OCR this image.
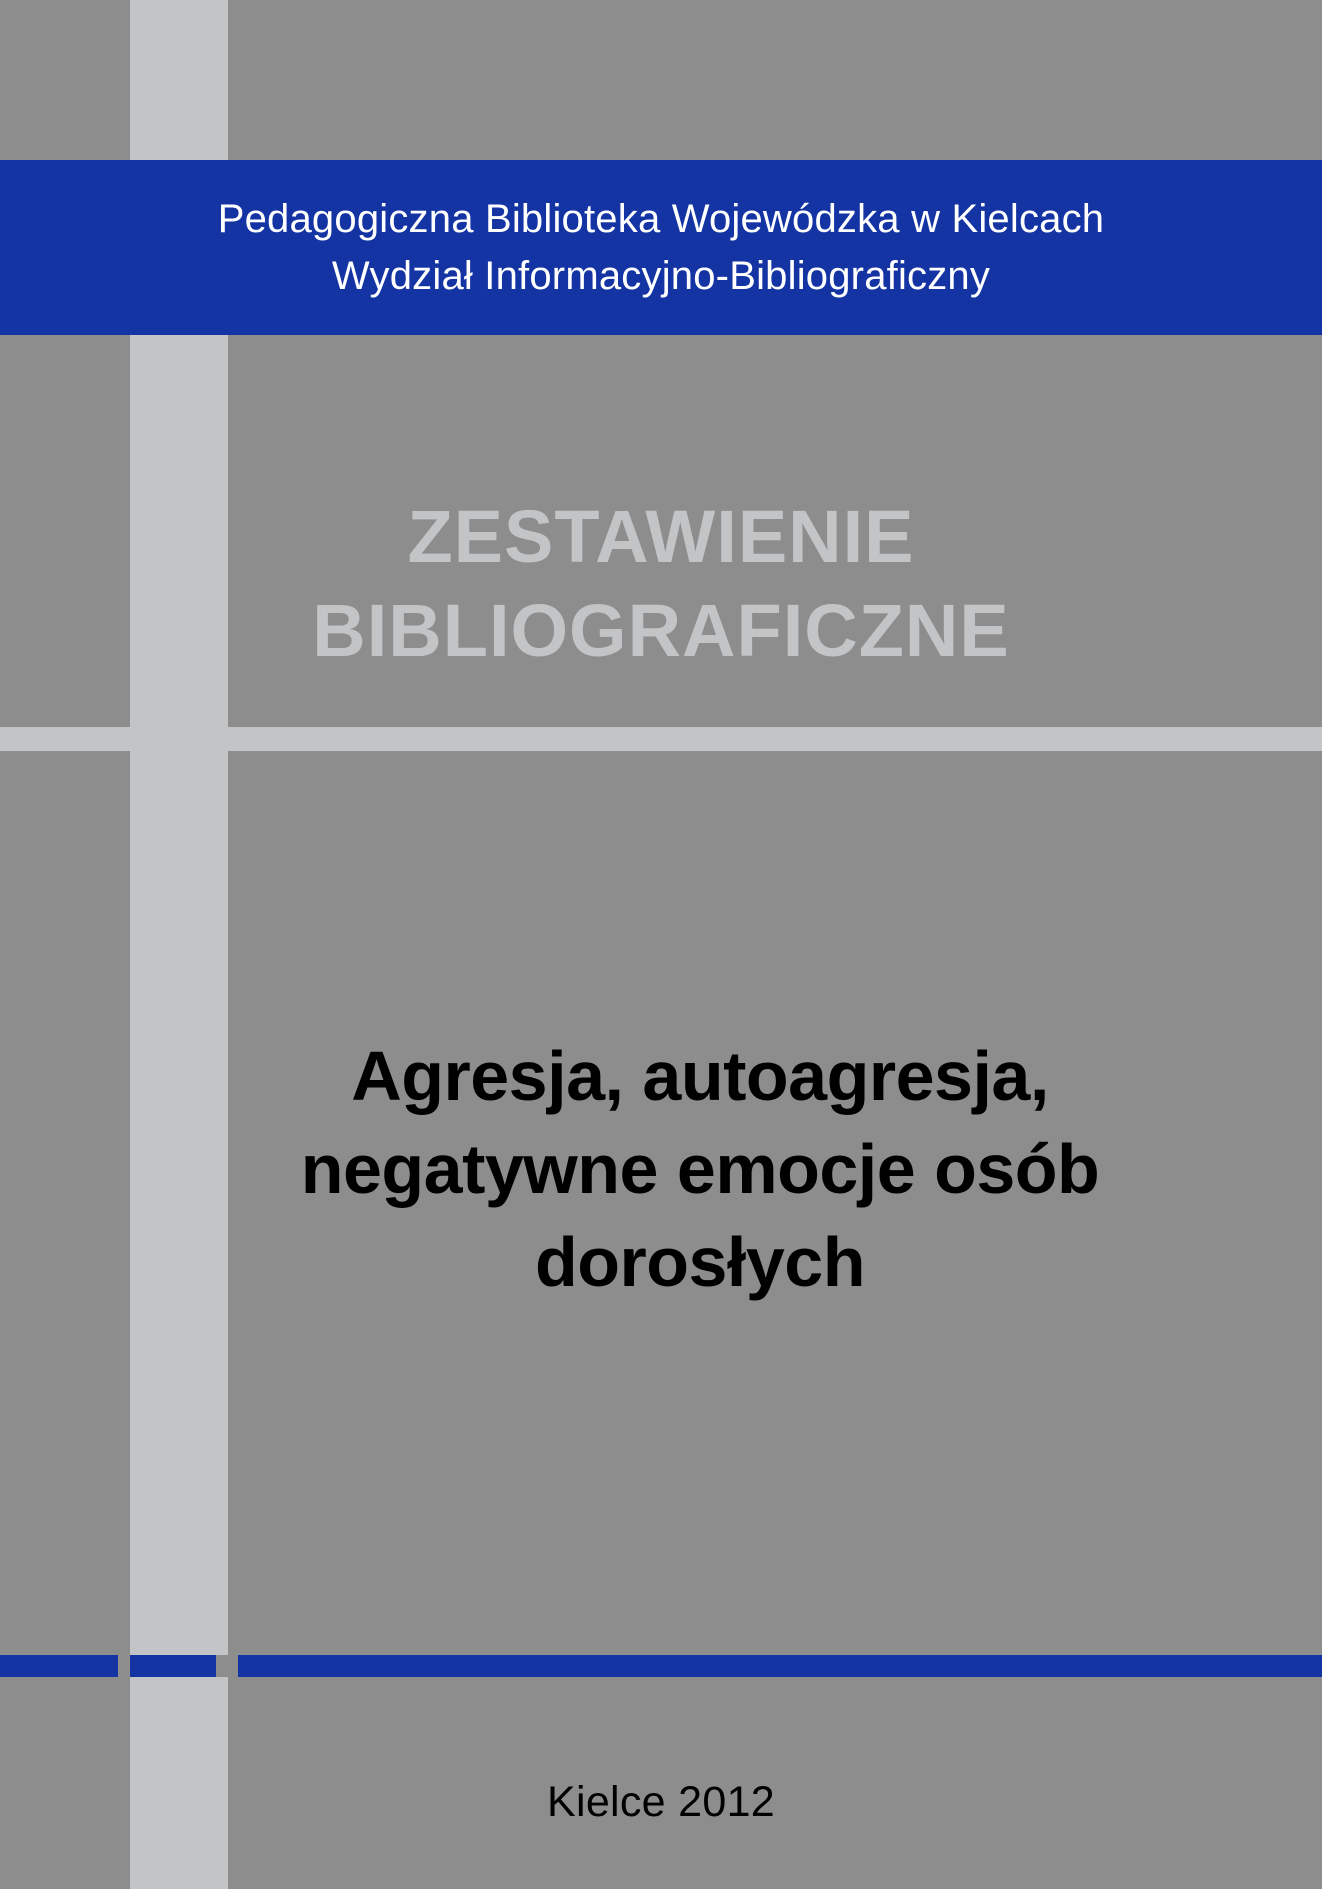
Pedagogiczna Biblioteka Wojewódzka w Kielcach
Wydział Informacyjno-Bibliograficzny
ZESTAWIENIE
BIBLIOGRAFICZNE
Agresja, autoagresja,
negatywne emocje osób
dorosłych
Kielce 2012
